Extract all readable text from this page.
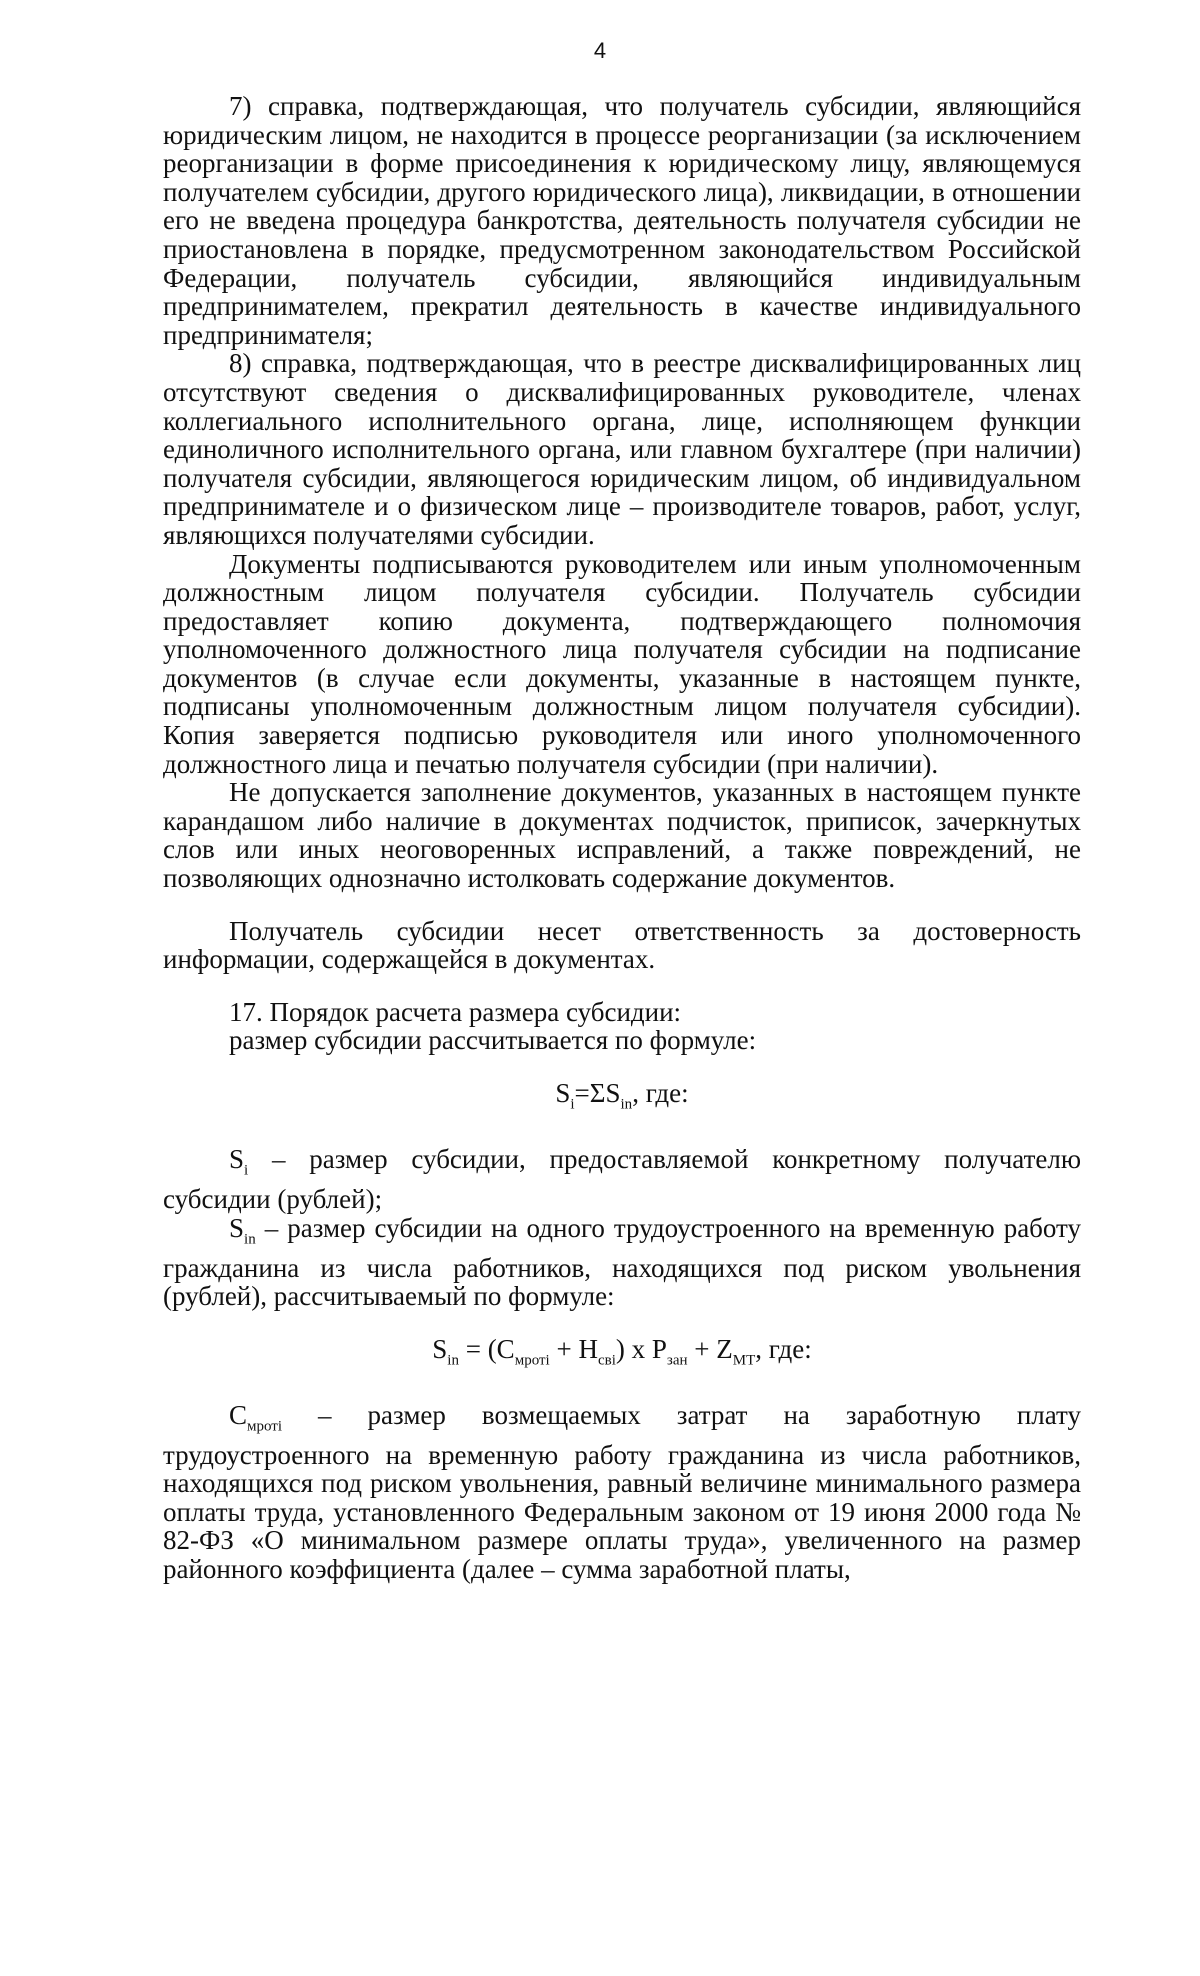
4

7) справка, подтверждающая, что получатель субсидии, являющийся юридическим лицом, не находится в процессе реорганизации (за исключением реорганизации в форме присоединения к юридическому лицу, являющемуся получателем субсидии, другого юридического лица), ликвидации, в отношении его не введена процедура банкротства, деятельность получателя субсидии не приостановлена в порядке, предусмотренном законодательством Российской Федерации, получатель субсидии, являющийся индивидуальным предпринимателем, прекратил деятельность в качестве индивидуального предпринимателя;

8) справка, подтверждающая, что в реестре дисквалифицированных лиц отсутствуют сведения о дисквалифицированных руководителе, членах коллегиального исполнительного органа, лице, исполняющем функции единоличного исполнительного органа, или главном бухгалтере (при наличии) получателя субсидии, являющегося юридическим лицом, об индивидуальном предпринимателе и о физическом лице – производителе товаров, работ, услуг, являющихся получателями субсидии.

Документы подписываются руководителем или иным уполномоченным должностным лицом получателя субсидии. Получатель субсидии предоставляет копию документа, подтверждающего полномочия уполномоченного должностного лица получателя субсидии на подписание документов (в случае если документы, указанные в настоящем пункте, подписаны уполномоченным должностным лицом получателя субсидии). Копия заверяется подписью руководителя или иного уполномоченного должностного лица и печатью получателя субсидии (при наличии).

Не допускается заполнение документов, указанных в настоящем пункте карандашом либо наличие в документах подчисток, приписок, зачеркнутых слов или иных неоговоренных исправлений, а также повреждений, не позволяющих однозначно истолковать содержание документов.

Получатель субсидии несет ответственность за достоверность информации, содержащейся в документах.

17. Порядок расчета размера субсидии:

размер субсидии рассчитывается по формуле:

$S_i=\Sigma S_{in}$, где:

$S_i$ – размер субсидии, предоставляемой конкретному получателю субсидии (рублей);

$S_{in}$ – размер субсидии на одного трудоустроенного на временную работу гражданина из числа работников, находящихся под риском увольнения (рублей), рассчитываемый по формуле:

$S_{in} = (C_{мроті} + Н_{сві})$ х $Р_{зан} + Z_{МТ}$, где:

$C_{мроті}$ – размер возмещаемых затрат на заработную плату трудоустроенного на временную работу гражданина из числа работников, находящихся под риском увольнения, равный величине минимального размера оплаты труда, установленного Федеральным законом от 19 июня 2000 года № 82-ФЗ «О минимальном размере оплаты труда», увеличенного на размер районного коэффициента (далее – сумма заработной платы,
